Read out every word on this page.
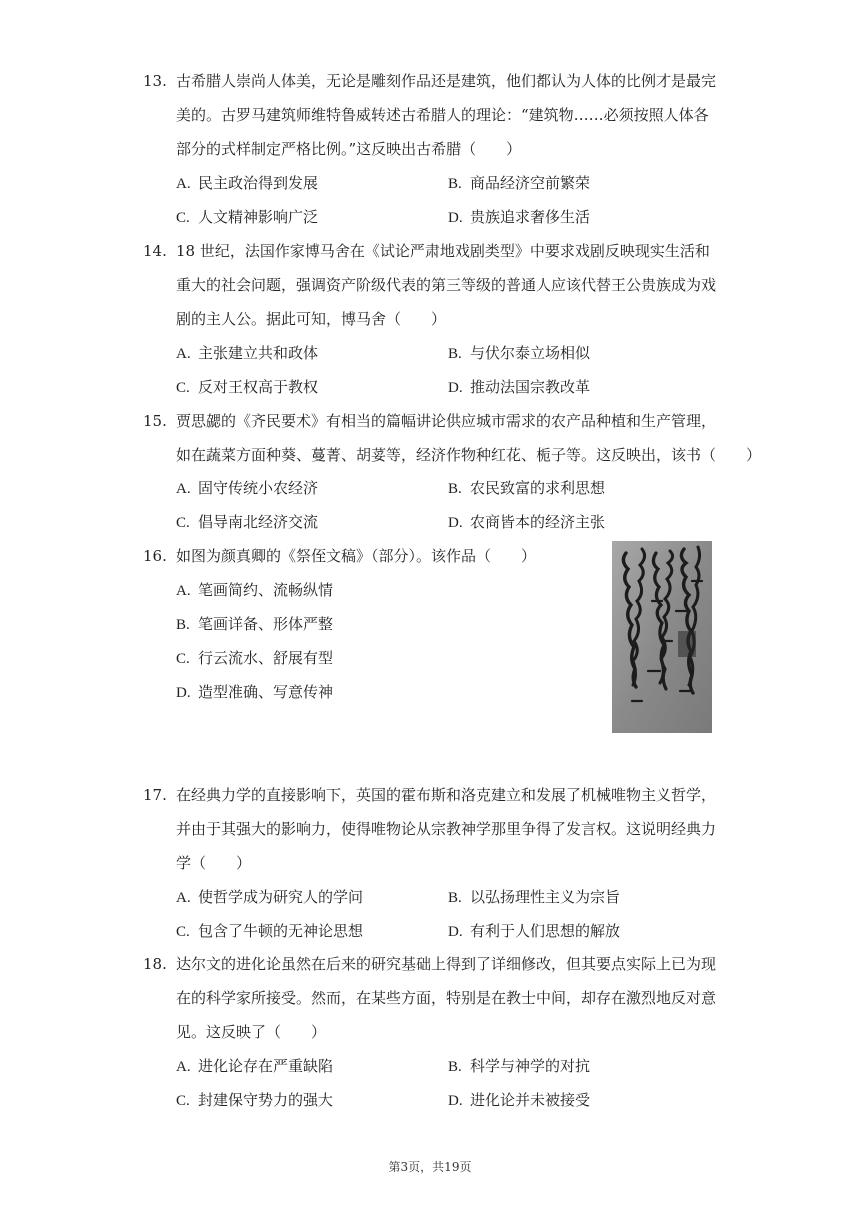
13. 古希腊人崇尚人体美，无论是雕刻作品还是建筑，他们都认为人体的比例才是最完
美的。古罗马建筑师维特鲁威转述古希腊人的理论：“建筑物……必须按照人体各
部分的式样制定严格比例。”这反映出古希腊（　　）
A. 民主政治得到发展	B. 商品经济空前繁荣
C. 人文精神影响广泛	D. 贵族追求奢侈生活
14. 18 世纪，法国作家博马舍在《试论严肃地戏剧类型》中要求戏剧反映现实生活和
重大的社会问题，强调资产阶级代表的第三等级的普通人应该代替王公贵族成为戏
剧的主人公。据此可知，博马舍（　　）
A. 主张建立共和政体	B. 与伏尔泰立场相似
C. 反对王权高于教权	D. 推动法国宗教改革
15. 贾思勰的《齐民要术》有相当的篇幅讲论供应城市需求的农产品种植和生产管理，
如在蔬菜方面种葵、蔓菁、胡荽等，经济作物种红花、栀子等。这反映出，该书（　　）
A. 固守传统小农经济	B. 农民致富的求利思想
C. 倡导南北经济交流	D. 农商皆本的经济主张
16. 如图为颜真卿的《祭侄文稿》（部分）。该作品（　　）
A. 笔画简约、流畅纵情
B. 笔画详备、形体严整
C. 行云流水、舒展有型
D. 造型准确、写意传神
17. 在经典力学的直接影响下，英国的霍布斯和洛克建立和发展了机械唯物主义哲学，
并由于其强大的影响力，使得唯物论从宗教神学那里争得了发言权。这说明经典力
学（　　）
A. 使哲学成为研究人的学问	B. 以弘扬理性主义为宗旨
C. 包含了牛顿的无神论思想	D. 有利于人们思想的解放
18. 达尔文的进化论虽然在后来的研究基础上得到了详细修改，但其要点实际上已为现
在的科学家所接受。然而，在某些方面，特别是在教士中间，却存在激烈地反对意
见。这反映了（　　）
A. 进化论存在严重缺陷	B. 科学与神学的对抗
C. 封建保守势力的强大	D. 进化论并未被接受
第3页，共19页
